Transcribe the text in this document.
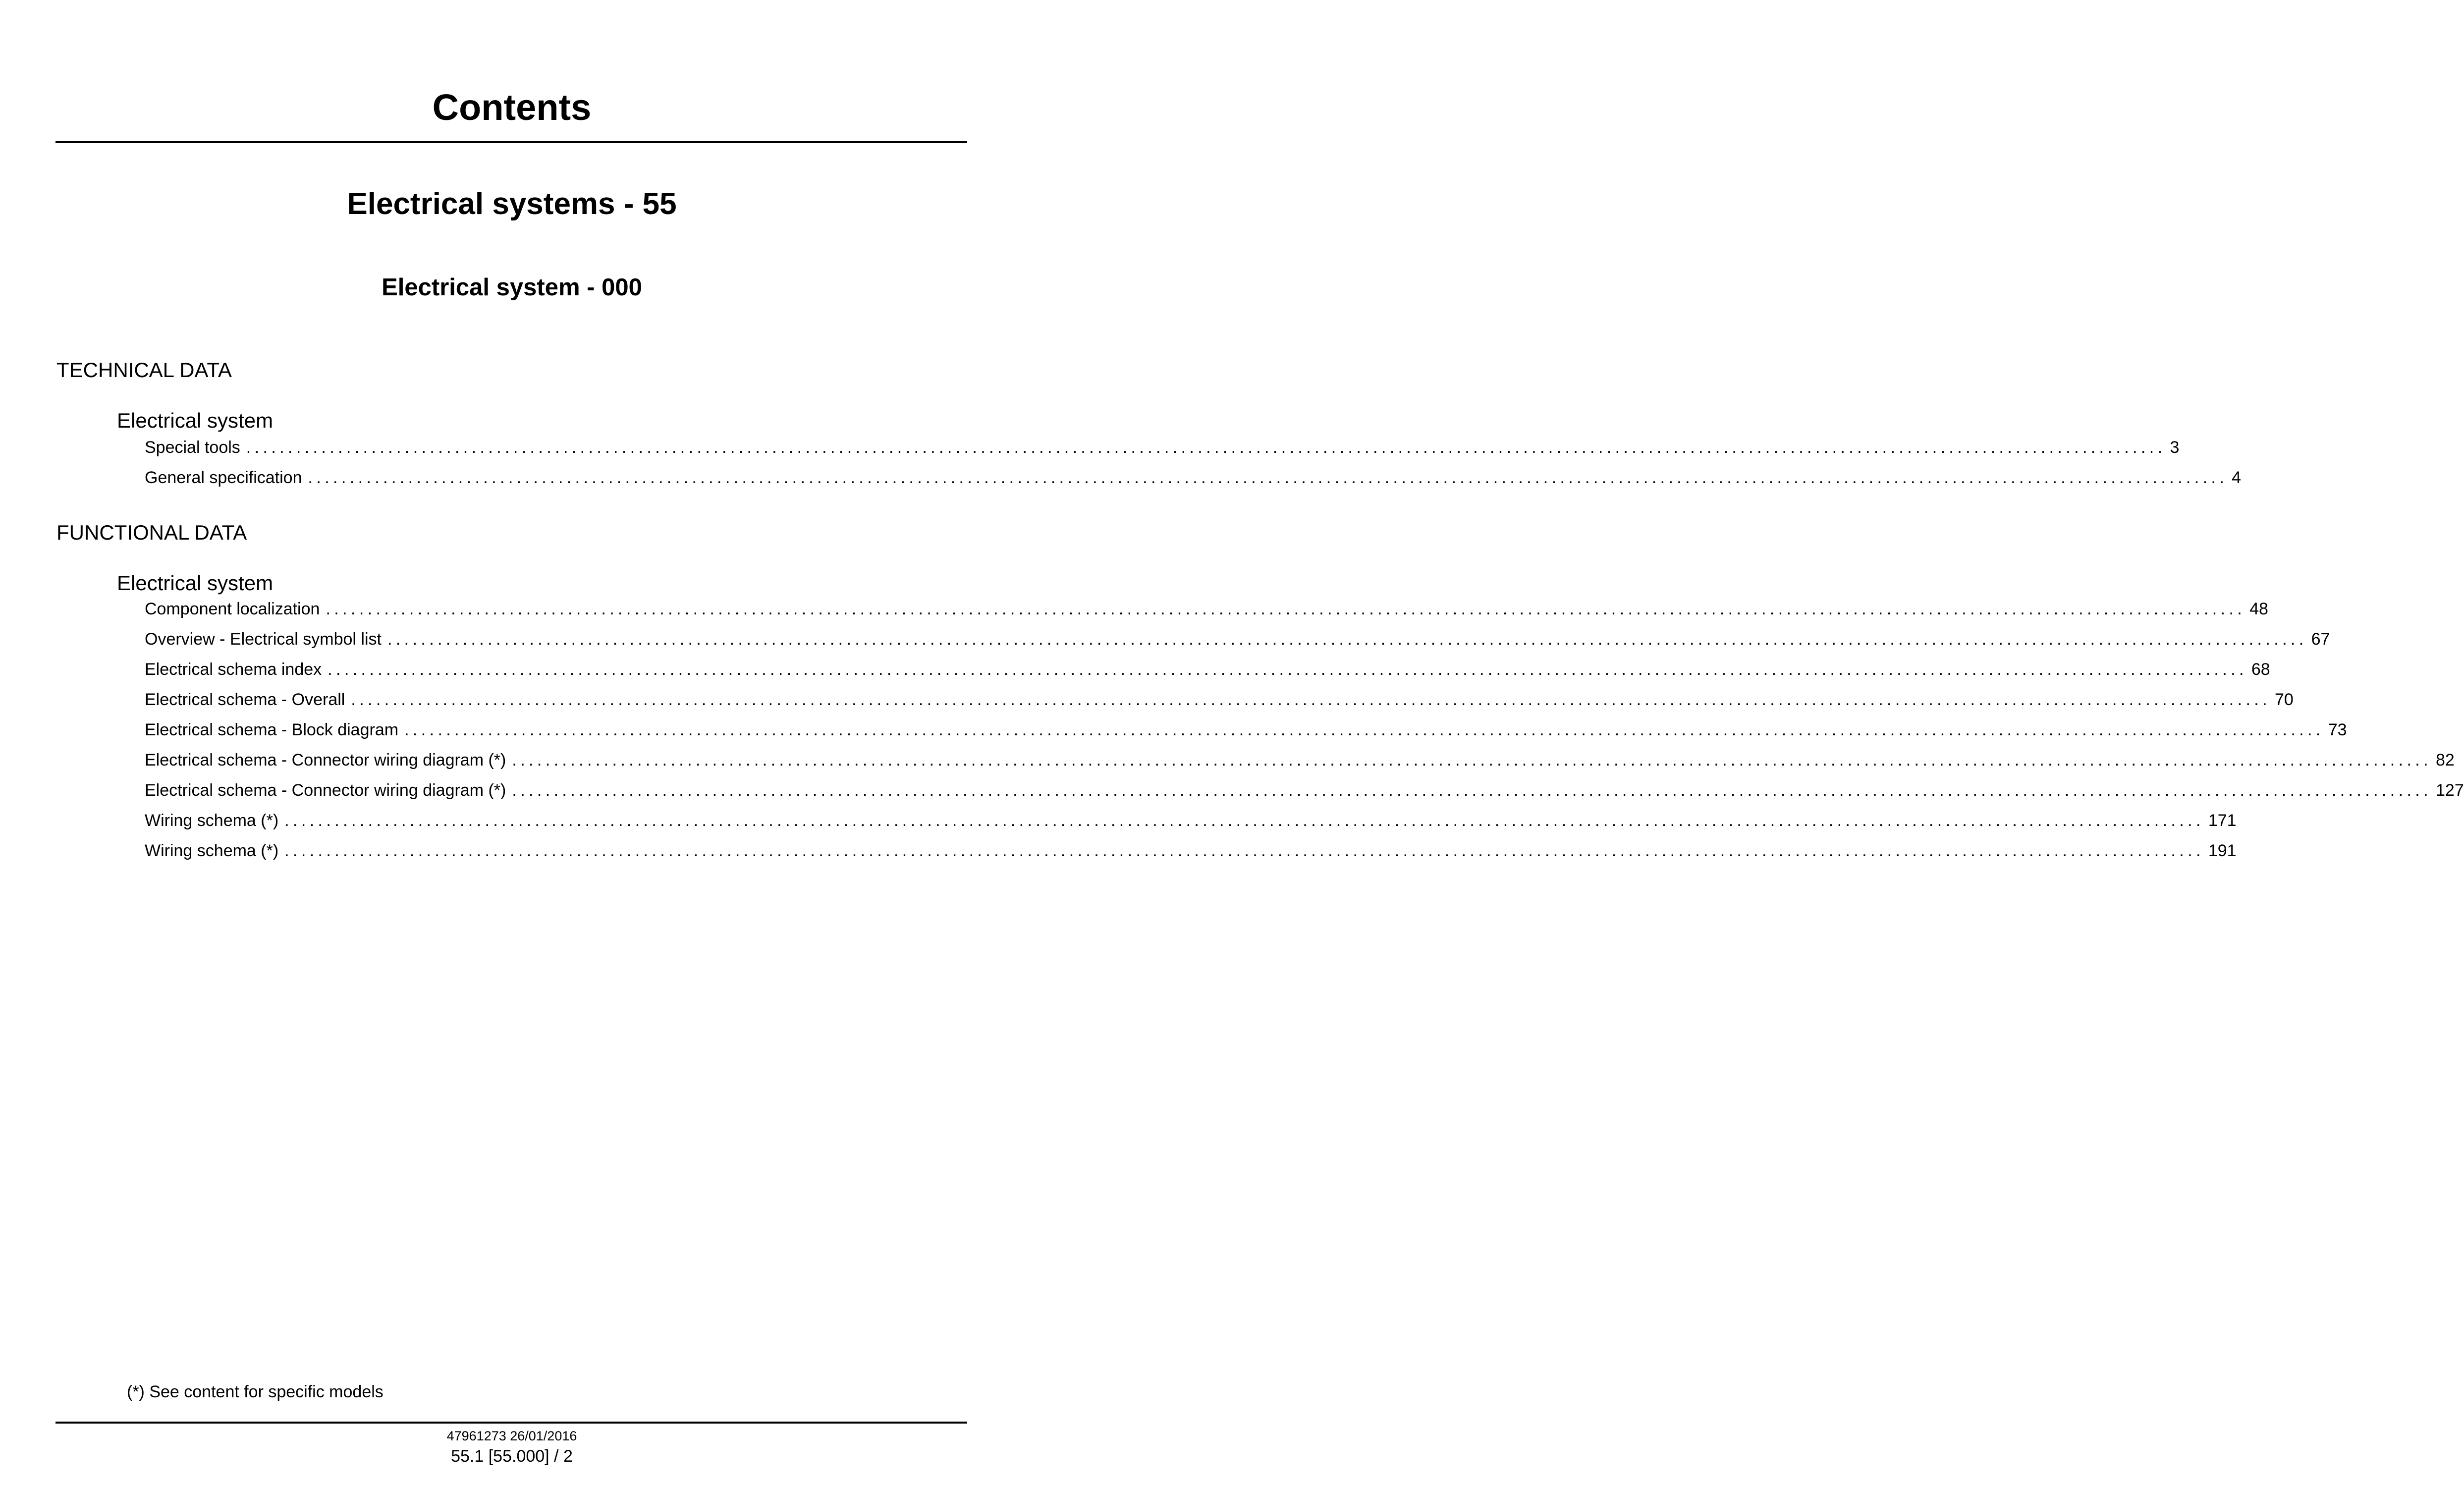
Contents
Electrical systems - 55
Electrical system - 000
TECHNICAL DATA
Electrical system
Special tools ...................................................................................................................................................................................................................................... 3
General specification ...................................................................................................................................................................................................................................... 4
FUNCTIONAL DATA
Electrical system
Component localization ...................................................................................................................................................................................................................................... 48
Overview - Electrical symbol list ...................................................................................................................................................................................................................................... 67
Electrical schema index ...................................................................................................................................................................................................................................... 68
Electrical schema - Overall ...................................................................................................................................................................................................................................... 70
Electrical schema - Block diagram ...................................................................................................................................................................................................................................... 73
Electrical schema - Connector wiring diagram (*) ...................................................................................................................................................................................................................................... 82
Electrical schema - Connector wiring diagram (*) ...................................................................................................................................................................................................................................... 127
Wiring schema (*) ...................................................................................................................................................................................................................................... 171
Wiring schema (*) ...................................................................................................................................................................................................................................... 191
(*) See content for specific models
47961273 26/01/2016
55.1 [55.000] / 2
